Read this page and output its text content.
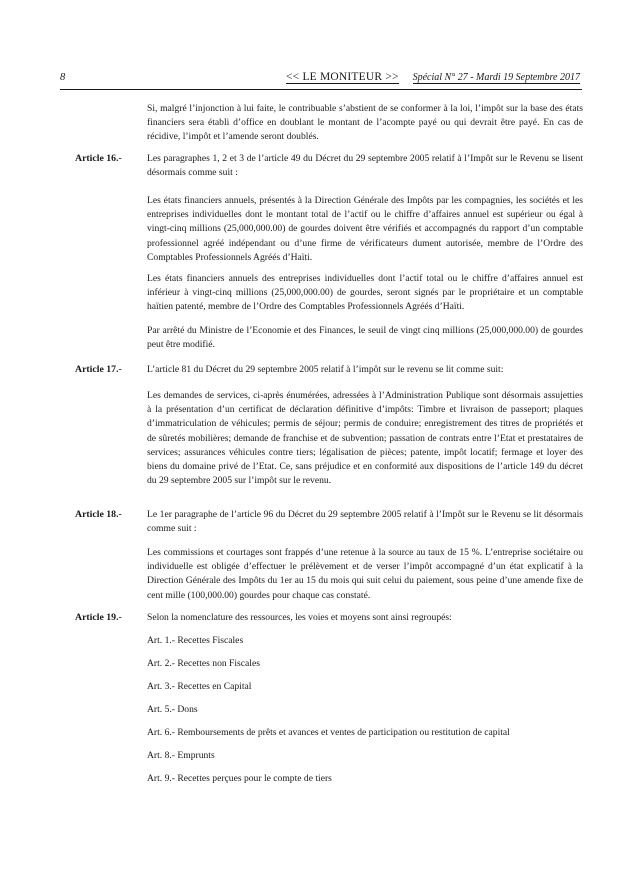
8	<< LE MONITEUR >> Spécial N° 27 - Mardi 19 Septembre 2017

Si, malgré l’injonction à lui faite, le contribuable s’abstient de se conformer à la loi, l’impôt sur la base des états financiers sera établi d’office en doublant le montant de l’acompte payé ou qui devrait être payé. En cas de récidive, l’impôt et l’amende seront doublés.

Article 16.-	Les paragraphes 1, 2 et 3 de l’article 49 du Décret du 29 septembre 2005 relatif à l’Impôt sur le Revenu se lisent désormais comme suit :

Les états financiers annuels, présentés à la Direction Générale des Impôts par les compagnies, les sociétés et les entreprises individuelles dont le montant total de l’actif ou le chiffre d’affaires annuel est supérieur ou égal à vingt-cinq millions (25,000,000.00) de gourdes doivent être vérifiés et accompagnés du rapport d’un comptable professionnel agréé indépendant ou d’une firme de vérificateurs dument autorisée, membre de l’Ordre des Comptables Professionnels Agréés d’Haïti.

Les états financiers annuels des entreprises individuelles dont l’actif total ou le chiffre d’affaires annuel est inférieur à vingt-cinq millions (25,000,000.00) de gourdes, seront signés par le propriétaire et un comptable haïtien patenté, membre de l’Ordre des Comptables Professionnels Agréés d’Haïti.

Par arrêté du Ministre de l’Economie et des Finances, le seuil de vingt cinq millions (25,000,000.00) de gourdes peut être modifié.

Article 17.-	L’article 81 du Décret du 29 septembre 2005 relatif à l’impôt sur le revenu se lit comme suit:

Les demandes de services, ci-après énumérées, adressées à l’Administration Publique sont désormais assujetties à la présentation d’un certificat de déclaration définitive d’impôts: Timbre et livraison de passeport; plaques d’immatriculation de véhicules; permis de séjour; permis de conduire; enregistrement des titres de propriétés et de sûretés mobilières; demande de franchise et de subvention; passation de contrats entre l’Etat et prestataires de services; assurances véhicules contre tiers; légalisation de pièces; patente, impôt locatif; fermage et loyer des biens du domaine privé de l’Etat. Ce, sans préjudice et en conformité aux dispositions de l’article 149 du décret du 29 septembre 2005 sur l’impôt sur le revenu.

Article 18.-	Le 1er paragraphe de l’article 96 du Décret du 29 septembre 2005 relatif à l’Impôt sur le Revenu se lit désormais comme suit :

Les commissions et courtages sont frappés d’une retenue à la source au taux de 15 %. L’entreprise sociétaire ou individuelle est obligée d’effectuer le prélèvement et de verser l’impôt accompagné d’un état explicatif à la Direction Générale des Impôts du 1er au 15 du mois qui suit celui du paiement, sous peine d’une amende fixe de cent mille (100,000.00) gourdes pour chaque cas constaté.

Article 19.-	Selon la nomenclature des ressources, les voies et moyens sont ainsi regroupés:

Art. 1.- Recettes Fiscales
Art. 2.- Recettes non Fiscales
Art. 3.- Recettes en Capital
Art. 5.- Dons
Art. 6.- Remboursements de prêts et avances et ventes de participation ou restitution de capital
Art. 8.- Emprunts
Art. 9.- Recettes perçues pour le compte de tiers
